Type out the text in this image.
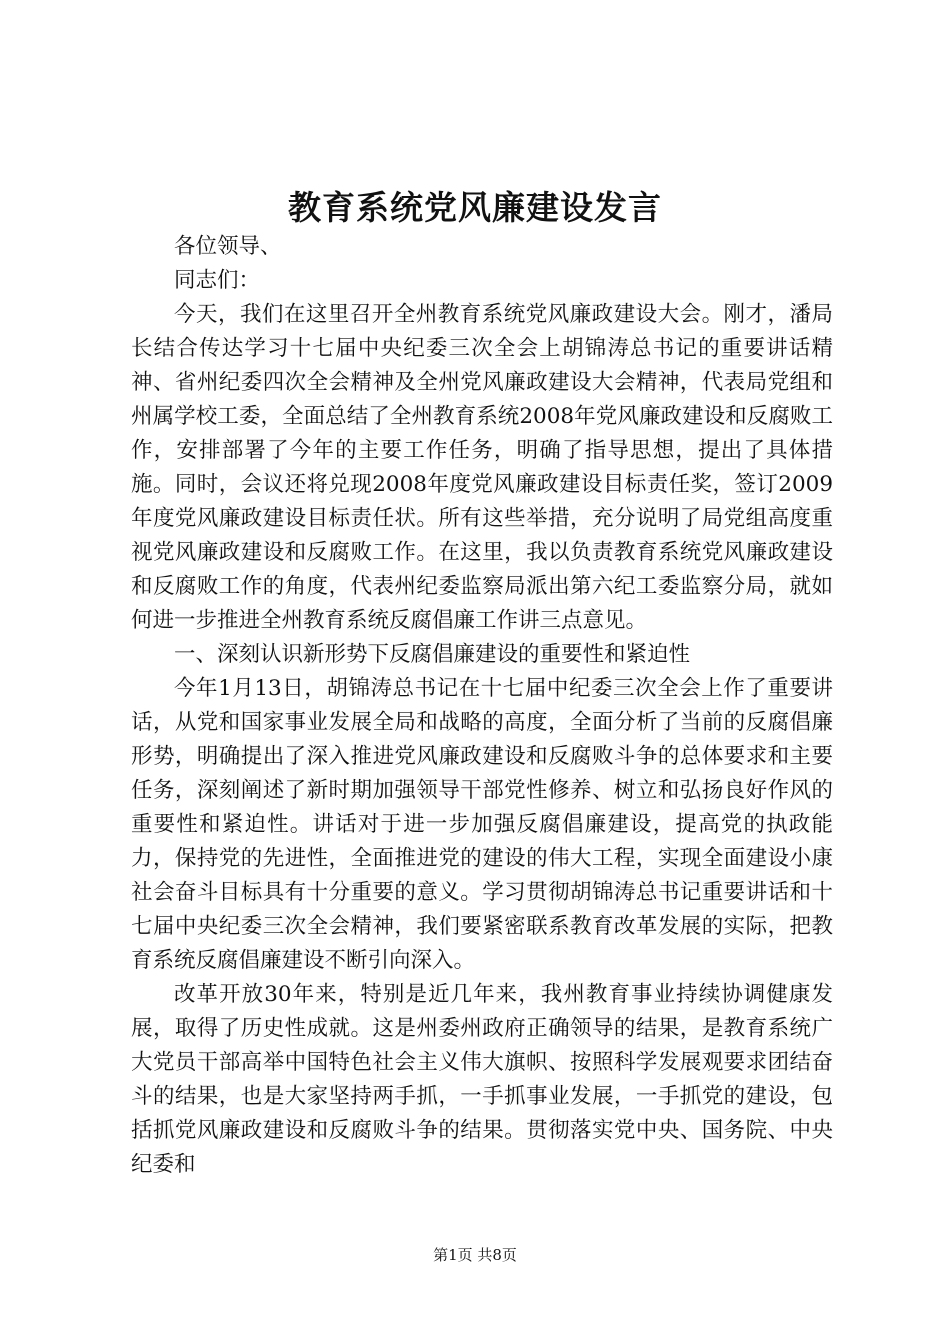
教育系统党风廉建设发言

各位领导、

同志们：

今天，我们在这里召开全州教育系统党风廉政建设大会。刚才，潘局长结合传达学习十七届中央纪委三次全会上胡锦涛总书记的重要讲话精神、省州纪委四次全会精神及全州党风廉政建设大会精神，代表局党组和州属学校工委，全面总结了全州教育系统2008年党风廉政建设和反腐败工作，安排部署了今年的主要工作任务，明确了指导思想，提出了具体措施。同时，会议还将兑现2008年度党风廉政建设目标责任奖，签订2009年度党风廉政建设目标责任状。所有这些举措，充分说明了局党组高度重视党风廉政建设和反腐败工作。在这里，我以负责教育系统党风廉政建设和反腐败工作的角度，代表州纪委监察局派出第六纪工委监察分局，就如何进一步推进全州教育系统反腐倡廉工作讲三点意见。

一、深刻认识新形势下反腐倡廉建设的重要性和紧迫性

今年1月13日，胡锦涛总书记在十七届中纪委三次全会上作了重要讲话，从党和国家事业发展全局和战略的高度，全面分析了当前的反腐倡廉形势，明确提出了深入推进党风廉政建设和反腐败斗争的总体要求和主要任务，深刻阐述了新时期加强领导干部党性修养、树立和弘扬良好作风的重要性和紧迫性。讲话对于进一步加强反腐倡廉建设，提高党的执政能力，保持党的先进性，全面推进党的建设的伟大工程，实现全面建设小康社会奋斗目标具有十分重要的意义。学习贯彻胡锦涛总书记重要讲话和十七届中央纪委三次全会精神，我们要紧密联系教育改革发展的实际，把教育系统反腐倡廉建设不断引向深入。

改革开放30年来，特别是近几年来，我州教育事业持续协调健康发展，取得了历史性成就。这是州委州政府正确领导的结果，是教育系统广大党员干部高举中国特色社会主义伟大旗帜、按照科学发展观要求团结奋斗的结果，也是大家坚持两手抓，一手抓事业发展，一手抓党的建设，包括抓党风廉政建设和反腐败斗争的结果。贯彻落实党中央、国务院、中央纪委和

第1页 共8页
